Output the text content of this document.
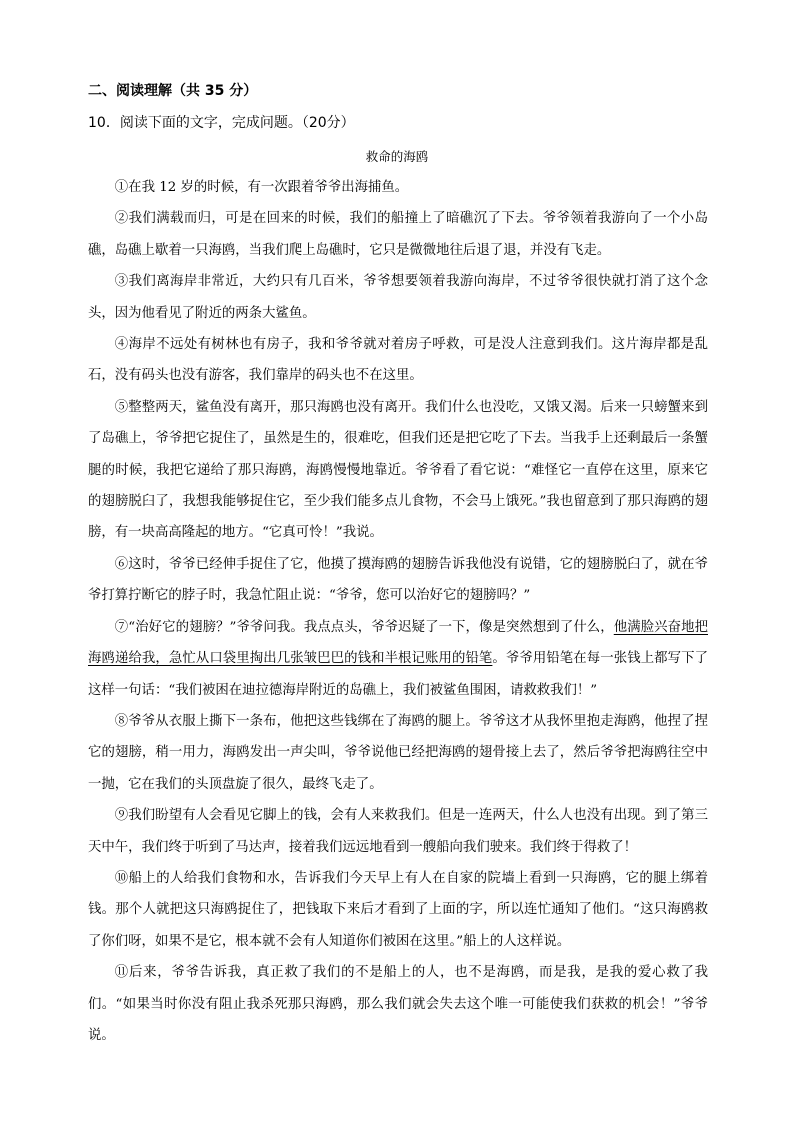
二、阅读理解（共 35 分）
10．阅读下面的文字，完成问题。（20分）
救命的海鸥

①在我 12 岁的时候，有一次跟着爷爷出海捕鱼。

②我们满载而归，可是在回来的时候，我们的船撞上了暗礁沉了下去。爷爷领着我游向了一个小岛礁，岛礁上歇着一只海鸥，当我们爬上岛礁时，它只是微微地往后退了退，并没有飞走。

③我们离海岸非常近，大约只有几百米，爷爷想要领着我游向海岸，不过爷爷很快就打消了这个念头，因为他看见了附近的两条大鲨鱼。

④海岸不远处有树林也有房子，我和爷爷就对着房子呼救，可是没人注意到我们。这片海岸都是乱石，没有码头也没有游客，我们靠岸的码头也不在这里。

⑤整整两天，鲨鱼没有离开，那只海鸥也没有离开。我们什么也没吃，又饿又渴。后来一只螃蟹来到了岛礁上，爷爷把它捉住了，虽然是生的，很难吃，但我们还是把它吃了下去。当我手上还剩最后一条蟹腿的时候，我把它递给了那只海鸥，海鸥慢慢地靠近。爷爷看了看它说：“难怪它一直停在这里，原来它的翅膀脱臼了，我想我能够捉住它，至少我们能多点儿食物，不会马上饿死。”我也留意到了那只海鸥的翅膀，有一块高高隆起的地方。“它真可怜！”我说。

⑥这时，爷爷已经伸手捉住了它，他摸了摸海鸥的翅膀告诉我他没有说错，它的翅膀脱臼了，就在爷爷打算拧断它的脖子时，我急忙阻止说：“爷爷，您可以治好它的翅膀吗？”

⑦“治好它的翅膀？”爷爷问我。我点点头，爷爷迟疑了一下，像是突然想到了什么，他满脸兴奋地把海鸥递给我，急忙从口袋里掏出几张皱巴巴的钱和半根记账用的铅笔。爷爷用铅笔在每一张钱上都写下了这样一句话：“我们被困在迪拉德海岸附近的岛礁上，我们被鲨鱼围困，请救救我们！”

⑧爷爷从衣服上撕下一条布，他把这些钱绑在了海鸥的腿上。爷爷这才从我怀里抱走海鸥，他捏了捏它的翅膀，稍一用力，海鸥发出一声尖叫，爷爷说他已经把海鸥的翅骨接上去了，然后爷爷把海鸥往空中一抛，它在我们的头顶盘旋了很久，最终飞走了。

⑨我们盼望有人会看见它脚上的钱，会有人来救我们。但是一连两天，什么人也没有出现。到了第三天中午，我们终于听到了马达声，接着我们远远地看到一艘船向我们驶来。我们终于得救了！

⑩船上的人给我们食物和水，告诉我们今天早上有人在自家的院墙上看到一只海鸥，它的腿上绑着钱。那个人就把这只海鸥捉住了，把钱取下来后才看到了上面的字，所以连忙通知了他们。“这只海鸥救了你们呀，如果不是它，根本就不会有人知道你们被困在这里。”船上的人这样说。

⑪后来，爷爷告诉我，真正救了我们的不是船上的人，也不是海鸥，而是我，是我的爱心救了我们。“如果当时你没有阻止我杀死那只海鸥，那么我们就会失去这个唯一可能使我们获救的机会！”爷爷说。
